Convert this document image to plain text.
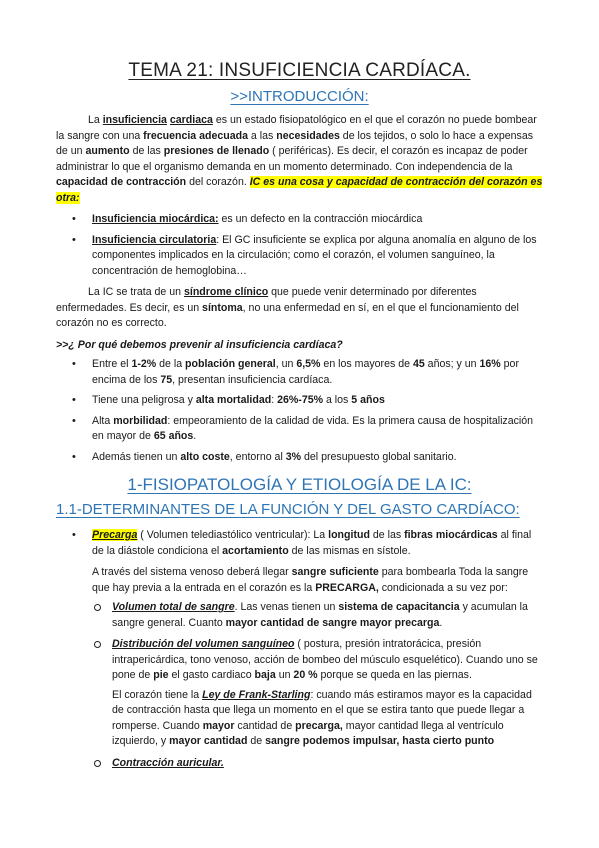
TEMA 21: INSUFICIENCIA CARDÍACA.
>>INTRODUCCIÓN:

La insuficiencia cardiaca es un estado fisiopatológico en el que el corazón no puede bombear la sangre con una frecuencia adecuada a las necesidades de los tejidos, o solo lo hace a expensas de un aumento de las presiones de llenado ( periféricas). Es decir, el corazón es incapaz de poder administrar lo que el organismo demanda en un momento determinado. Con independencia de la capacidad de contracción del corazón. IC es una cosa y capacidad de contracción del corazón es otra:

• Insuficiencia miocárdica: es un defecto en la contracción miocárdica
• Insuficiencia circulatoria: El GC insuficiente se explica por alguna anomalía en alguno de los componentes implicados en la circulación; como el corazón, el volumen sanguíneo, la concentración de hemoglobina…

La IC se trata de un síndrome clínico que puede venir determinado por diferentes enfermedades. Es decir, es un síntoma, no una enfermedad en sí, en el que el funcionamiento del corazón no es correcto.

>>¿ Por qué debemos prevenir al insuficiencia cardíaca?

• Entre el 1-2% de la población general, un 6,5% en los mayores de 45 años; y un 16% por encima de los 75, presentan insuficiencia cardíaca.
• Tiene una peligrosa y alta mortalidad: 26%-75% a los 5 años
• Alta morbilidad: empeoramiento de la calidad de vida. Es la primera causa de hospitalización en mayor de 65 años.
• Además tienen un alto coste, entorno al 3% del presupuesto global sanitario.
1-FISIOPATOLOGÍA Y ETIOLOGÍA DE LA IC:
1.1-DETERMINANTES DE LA FUNCIÓN Y DEL GASTO CARDÍACO:

• Precarga ( Volumen telediastólico ventricular): La longitud de las fibras miocárdicas al final de la diástole condiciona el acortamiento de las mismas en sístole.

A través del sistema venoso deberá llegar sangre suficiente para bombearla Toda la sangre que hay previa a la entrada en el corazón es la PRECARGA, condicionada a su vez por:

Volumen total de sangre. Las venas tienen un sistema de capacitancia y acumulan la sangre general. Cuanto mayor cantidad de sangre mayor precarga.
Distribución del volumen sanguíneo ( postura, presión intratorácica, presión intrapericárdica, tono venoso, acción de bombeo del músculo esquelético). Cuando uno se pone de pie el gasto cardiaco baja un 20 % porque se queda en las piernas.

El corazón tiene la Ley de Frank-Starling: cuando más estiramos mayor es la capacidad de contracción hasta que llega un momento en el que se estira tanto que puede llegar a romperse. Cuando mayor cantidad de precarga, mayor cantidad llega al ventrículo izquierdo, y mayor cantidad de sangre podemos impulsar, hasta cierto punto

Contracción auricular.
